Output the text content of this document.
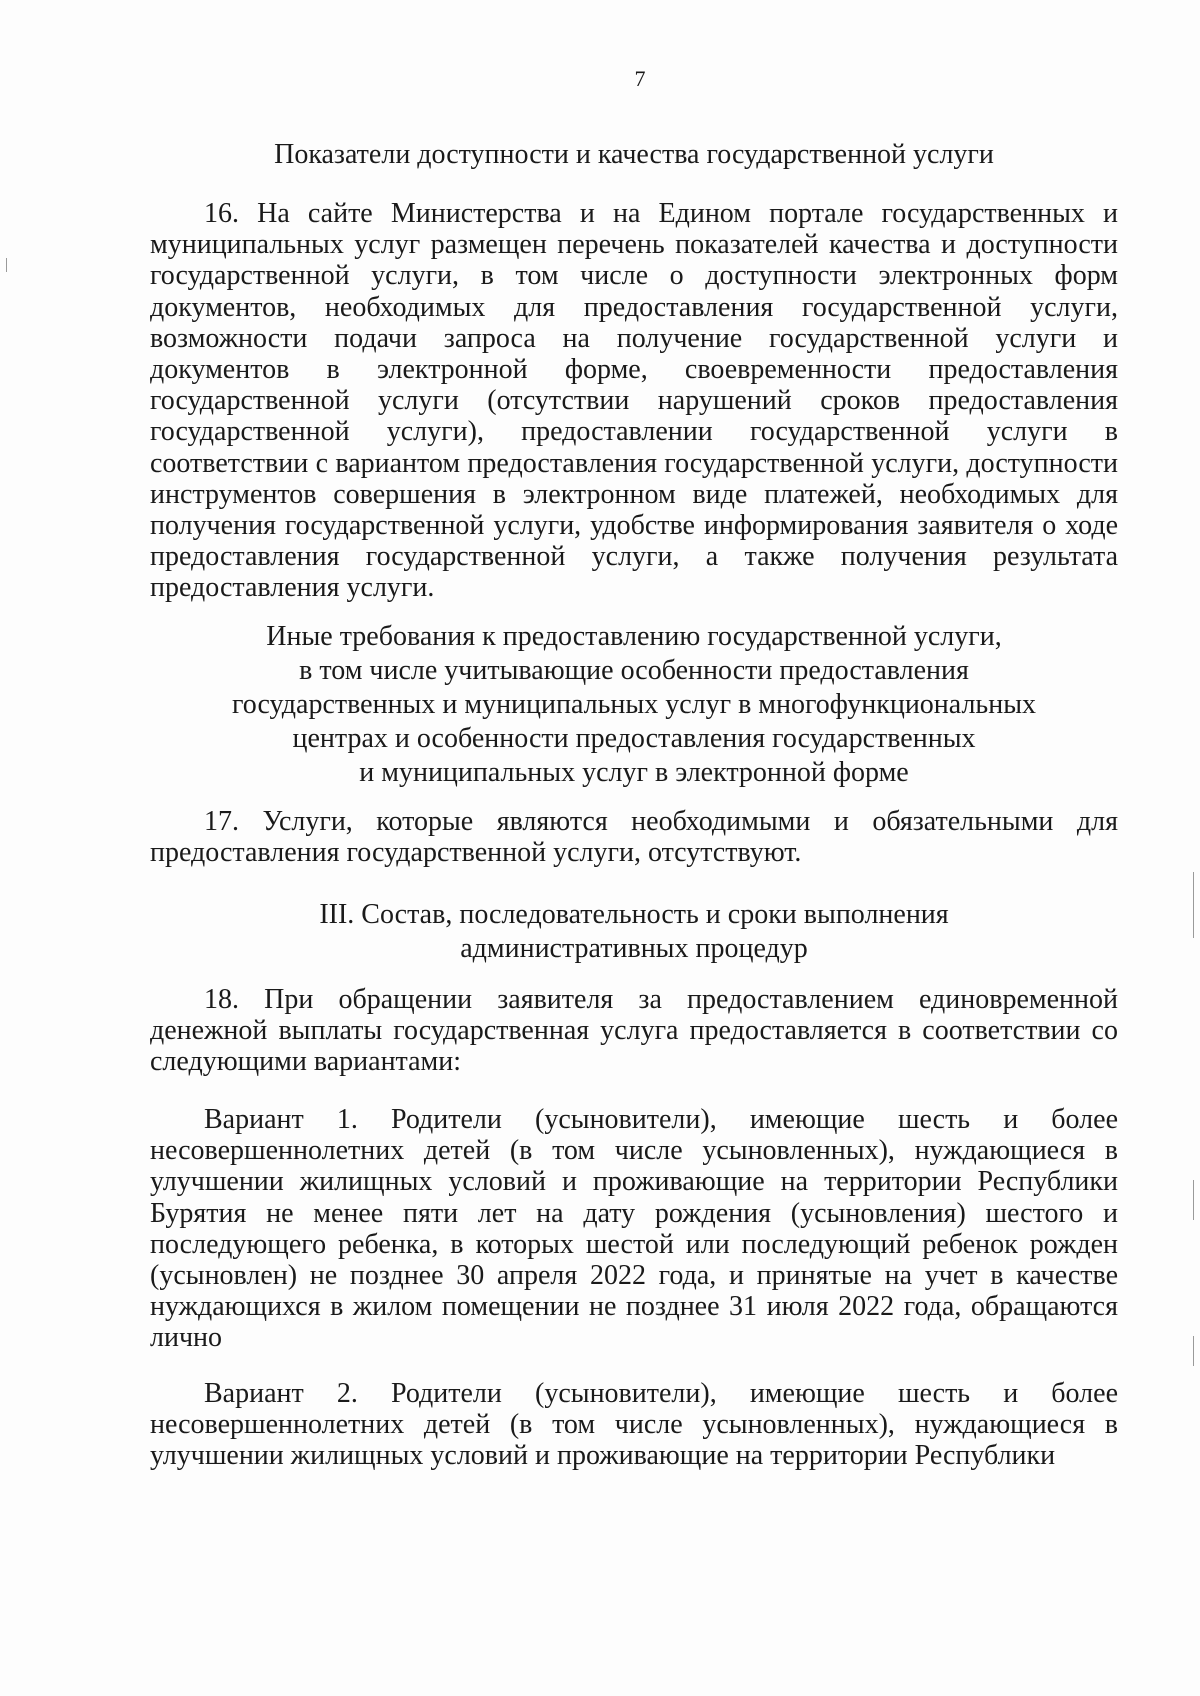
7

Показатели доступности и качества государственной услуги

16. На сайте Министерства и на Едином портале государственных и муниципальных услуг размещен перечень показателей качества и доступности государственной услуги, в том числе о доступности электронных форм документов, необходимых для предоставления государственной услуги, возможности подачи запроса на получение государственной услуги и документов в электронной форме, своевременности предоставления государственной услуги (отсутствии нарушений сроков предоставления государственной услуги), предоставлении государственной услуги в соответствии с вариантом предоставления государственной услуги, доступности инструментов совершения в электронном виде платежей, необходимых для получения государственной услуги, удобстве информирования заявителя о ходе предоставления государственной услуги, а также получения результата предоставления услуги.

Иные требования к предоставлению государственной услуги,
в том числе учитывающие особенности предоставления
государственных и муниципальных услуг в многофункциональных
центрах и особенности предоставления государственных
и муниципальных услуг в электронной форме

17. Услуги, которые являются необходимыми и обязательными для предоставления государственной услуги, отсутствуют.

III. Состав, последовательность и сроки выполнения
административных процедур

18. При обращении заявителя за предоставлением единовременной денежной выплаты государственная услуга предоставляется в соответствии со следующими вариантами:

Вариант 1. Родители (усыновители), имеющие шесть и более несовершеннолетних детей (в том числе усыновленных), нуждающиеся в улучшении жилищных условий и проживающие на территории Республики Бурятия не менее пяти лет на дату рождения (усыновления) шестого и последующего ребенка, в которых шестой или последующий ребенок рожден (усыновлен) не позднее 30 апреля 2022 года, и принятые на учет в качестве нуждающихся в жилом помещении не позднее 31 июля 2022 года, обращаются лично

Вариант 2. Родители (усыновители), имеющие шесть и более несовершеннолетних детей (в том числе усыновленных), нуждающиеся в улучшении жилищных условий и проживающие на территории Республики
